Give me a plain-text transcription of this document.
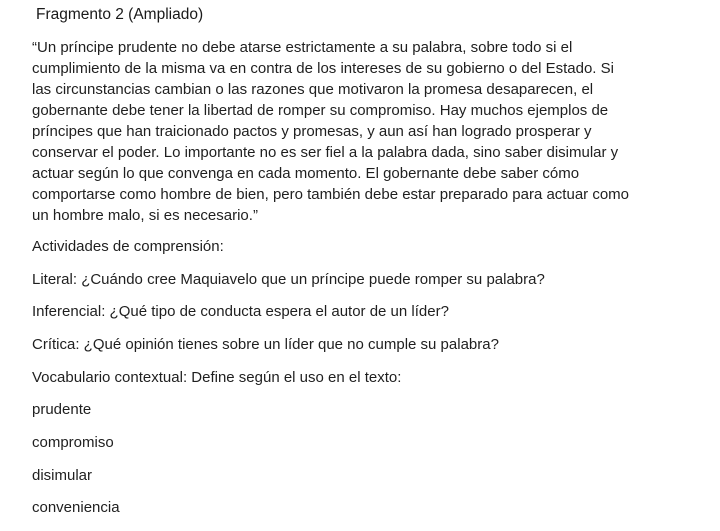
Fragmento 2 (Ampliado)

“Un príncipe prudente no debe atarse estrictamente a su palabra, sobre todo si el
cumplimiento de la misma va en contra de los intereses de su gobierno o del Estado. Si
las circunstancias cambian o las razones que motivaron la promesa desaparecen, el
gobernante debe tener la libertad de romper su compromiso. Hay muchos ejemplos de
príncipes que han traicionado pactos y promesas, y aun así han logrado prosperar y
conservar el poder. Lo importante no es ser fiel a la palabra dada, sino saber disimular y
actuar según lo que convenga en cada momento. El gobernante debe saber cómo
comportarse como hombre de bien, pero también debe estar preparado para actuar como
un hombre malo, si es necesario.”

Actividades de comprensión:

Literal: ¿Cuándo cree Maquiavelo que un príncipe puede romper su palabra?

Inferencial: ¿Qué tipo de conducta espera el autor de un líder?

Crítica: ¿Qué opinión tienes sobre un líder que no cumple su palabra?

Vocabulario contextual: Define según el uso en el texto:

prudente

compromiso

disimular

conveniencia
